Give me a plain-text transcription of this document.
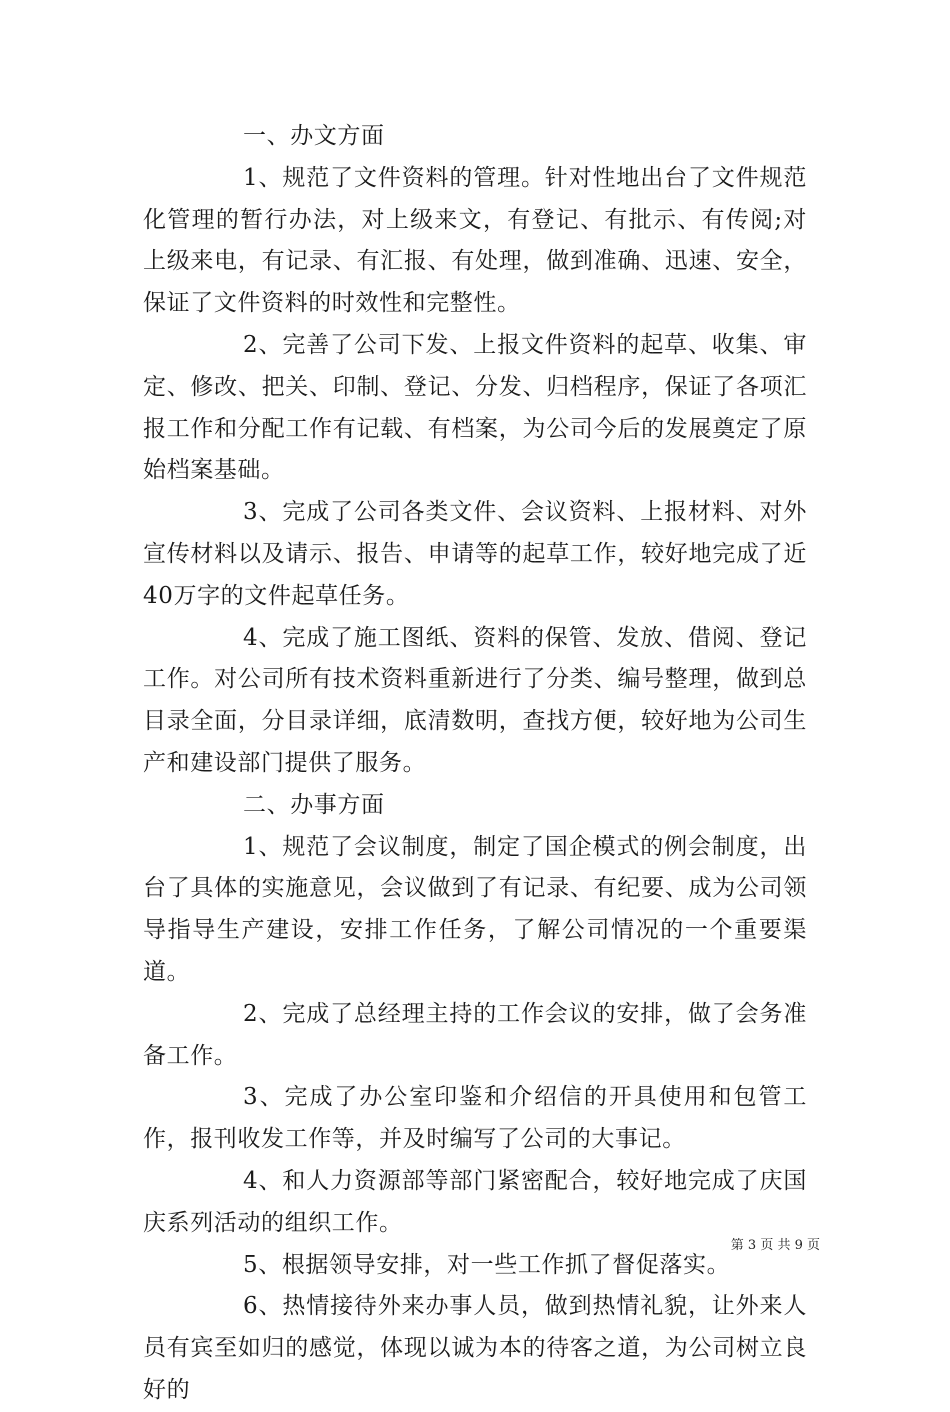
一、办文方面

1、规范了文件资料的管理。针对性地出台了文件规范化管理的暂行办法，对上级来文，有登记、有批示、有传阅;对上级来电，有记录、有汇报、有处理，做到准确、迅速、安全，保证了文件资料的时效性和完整性。

2、完善了公司下发、上报文件资料的起草、收集、审定、修改、把关、印制、登记、分发、归档程序，保证了各项汇报工作和分配工作有记载、有档案，为公司今后的发展奠定了原始档案基础。

3、完成了公司各类文件、会议资料、上报材料、对外宣传材料以及请示、报告、申请等的起草工作，较好地完成了近40万字的文件起草任务。

4、完成了施工图纸、资料的保管、发放、借阅、登记工作。对公司所有技术资料重新进行了分类、编号整理，做到总目录全面，分目录详细，底清数明，查找方便，较好地为公司生产和建设部门提供了服务。

二、办事方面

1、规范了会议制度，制定了国企模式的例会制度，出台了具体的实施意见，会议做到了有记录、有纪要、成为公司领导指导生产建设，安排工作任务，了解公司情况的一个重要渠道。

2、完成了总经理主持的工作会议的安排，做了会务准备工作。

3、完成了办公室印鉴和介绍信的开具使用和包管工作，报刊收发工作等，并及时编写了公司的大事记。

4、和人力资源部等部门紧密配合，较好地完成了庆国庆系列活动的组织工作。

5、根据领导安排，对一些工作抓了督促落实。

6、热情接待外来办事人员，做到热情礼貌，让外来人员有宾至如归的感觉，体现以诚为本的待客之道，为公司树立良好的

第 3 页 共 9 页
